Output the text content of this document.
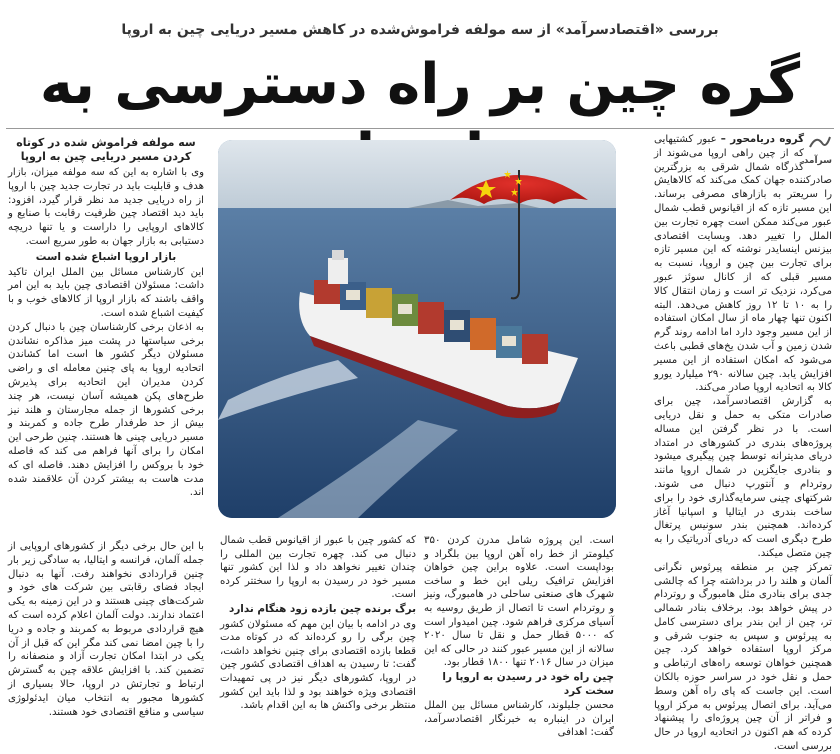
بررسی «اقتصادسرآمد» از سه مولفه فراموش‌شده در کاهش مسیر دریایی چین به اروپا
گره چین بر راه دسترسی به
سرآمد

گروه دریامحور – عبور کشتیهایی که از چین راهی اروپا می‌شوند از گذرگاه شمال شرقی به بزرگترین صادرکننده جهان کمک می‌کند که کالاهایش را سریعتر به بازارهای مصرفی برساند. این مسیر تازه که از اقیانوس قطب شمال عبور می‌کند ممکن است چهره تجارت بین الملل را تغییر دهد. وبسایت اقتصادی بیزنس اینسایدر نوشته که این مسیر تازه برای تجارت بین چین و اروپا، نسبت به مسیر قبلی که از کانال سوئز عبور می‌کرد، نزدیک تر است و زمان انتقال کالا را به ۱۰ تا ۱۲ روز کاهش می‌دهد. البته اکنون تنها چهار ماه از سال امکان استفاده از این مسیر وجود دارد اما ادامه روند گرم شدن زمین و آب شدن یخ‌های قطبی باعث می‌شود که امکان استفاده از این مسیر افزایش یابد. چین سالانه ۲۹۰ میلیارد یورو کالا به اتحادیه اروپا صادر می‌کند.

به گزارش اقتصادسرآمد، چین برای صادرات متکی به حمل و نقل دریایی است. با در نظر گرفتن این مساله پروژه‌های بندری در کشورهای در امتداد دریای مدیترانه توسط چین پیگیری میشود و بنادری جایگزین در شمال اروپا مانند روتردام و آنتورپ دنبال می شوند. شرکتهای چینی سرمایه‌گذاری خود را برای ساخت بندری در ایتالیا و اسپانیا آغاز کرده‌اند. همچنین بندر سونیس پرتغال طرح دیگری است که دریای آدریاتیک را به چین متصل میکند.

تمرکز چین بر منطقه پیرئوس نگرانی آلمان و هلند را در برداشته چرا که چالشی جدی برای بنادری مثل هامبورگ و روتردام در پیش خواهد بود. برخلاف بنادر شمالی تر، چین از این بندر برای دسترسی کامل به پیرئوس و سپس به جنوب شرقی و مرکز اروپا استفاده خواهد کرد. چین همچنین خواهان توسعه راه‌های ارتباطی و حمل و نقل خود در سراسر حوزه بالکان است. این جاست که پای راه آهن وسط می‌آید. برای اتصال پیرئوس به مرکز اروپا و فراتر از آن چین پروژه‌ای را پیشنهاد کرده که هم اکنون در اتحادیه اروپا در حال بررسی است.

سه مولفه فراموش شده در کوتاه کردن مسیر دریایی چین به اروپا

وی با اشاره به این که سه مولفه میزان، بازار هدف و قابلیت باید در تجارت جدید چین با اروپا از راه دریایی جدید مد نظر قرار گیرد، افزود: باید دید اقتصاد چین ظرفیت رقابت با صنایع و کالاهای اروپایی را داراست و یا تنها دریچه دستیابی به بازار جهان به طور سریع است.

بازار اروپا اشباع شده است

این کارشناس مسائل بین الملل ایران تاکید داشت: مسئولان اقتصادی چین باید به این امر واقف باشند که بازار اروپا از کالاهای خوب و با کیفیت اشباع شده است.

به اذعان برخی کارشناسان چین با دنبال کردن برخی سیاستها در پشت میز مذاکره نشاندن مسئولان دیگر کشور ها است اما کشاندن اتحادیه اروپا به پای چنین معامله ای و راضی کردن مدیران این اتحادیه برای پذیرش طرح‌های پکن همیشه آسان نیست، هر چند برخی کشورها از جمله مجارستان و هلند نیز بیش از حد طرفدار طرح جاده و کمربند و مسیر دریایی چینی ها هستند. چنین طرحی این امکان را برای آنها فراهم می کند که فاصله خود با بروکس را افزایش دهند. فاصله ای که مدت هاست به بیشتر کردن آن علاقمند شده اند.

با این حال برخی دیگر از کشورهای اروپایی از جمله آلمان، فرانسه و ایتالیا، به سادگی زیر بار چنین قراردادی نخواهند رفت. آنها به دنبال ایجاد فضای رقابتی بین شرکت های خود و شرکت‌های چینی هستند و در این زمینه به یکی اعتماد ندارند. دولت آلمان اعلام کرده است که هیچ قراردادی مربوط به کمربند و جاده و دریا را با چین امضا نمی کند مگر این که قبل از آن یکی در ابتدا امکان تجارت آزاد و منصفانه را تضمین کند. با افزایش علاقه چین به گسترش ارتباط و تجارتش در اروپا، حالا بسیاری از کشورها مجبور به انتخاب میان ایدئولوژی سیاسی و منافع اقتصادی خود هستند.

است. این پروژه شامل مدرن کردن ۳۵۰ کیلومتر از خط راه آهن اروپا بین بلگراد و بوداپست است. علاوه براین چین خواهان افزایش ترافیک ریلی این خط و ساخت شهرک های صنعتی ساحلی در هامبورگ، ونیز و روتردام است تا اتصال از طریق روسیه به آسیای مرکزی فراهم شود. چین امیدوار است که ۵۰۰۰ قطار حمل و نقل تا سال ۲۰۲۰ سالانه از این مسیر عبور کنند در حالی که این میزان در سال ۲۰۱۶ تنها ۱۸۰۰ قطار بود.

چین راه خود در رسیدن به اروپا را سخت کرد

محسن جلیلوند، کارشناس مسائل بین الملل ایران در اینباره به خبرنگار اقتصادسرآمد، گفت: اهدافی

که کشور چین با عبور از اقیانوس قطب شمال دنبال می کند. چهره تجارت بین المللی را چندان تغییر نخواهد داد و لذا این کشور تنها مسیر خود در رسیدن به اروپا را سختتر کرده است.

برگ برنده چین بازده زود هنگام ندارد

وی در ادامه با بیان این مهم که مسئولان کشور چین برگی را رو کرده‌اند که در کوتاه مدت قطعا بازده اقتصادی برای چنین نخواهد داشت، گفت: تا رسیدن به اهداف اقتصادی کشور چین در اروپا، کشورهای دیگر نیز در پی تمهیدات اقتصادی ویژه خواهند بود و لذا باید این کشور منتظر برخی واکنش ها به این اقدام باشد.
